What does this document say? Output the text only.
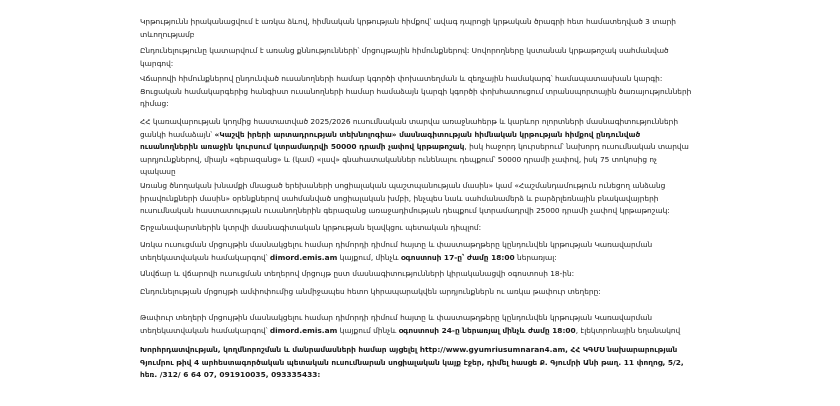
Կրթությունն իրականացվում է առկա ձևով, հիմնական կրթության հիմքով՝ ավագ դպրոցի կրթական ծրագրի հետ համատեղված 3 տարի տևողությամբ

Ընդունելությունը կատարվում է առանց քննությունների՝ մրցույթային հիմունքներով: Սովորողները կստանան կրթաթոշակ սահմանված կարգով:

Վճարովի հիմունքներով ընդունված ուսանողների համար կգործի փոխատեղման և զեղչային համակարգ՝ համապատասխան կարգի: Ցուցական համակարգերից հանգիստ ուսանողների համար համաձայն կարգի կգործի փոխհատուցում տրանսպորտային ծառայությունների դիմաց:

ՀՀ կառավարության կողմից հաստատված 2025/2026 ուսումնական տարվա առաջնահերթ և կարևոր ոլորտների մասնագիտությունների ցանկի համաձայն՝ «Կաշվե իրերի արտադրության տեխնոլոգիա» մասնագիտության հիմնական կրթության հիմքով ընդունված ուսանողներին առաջին կուրսում կտրամադրվի 50000 դրամի չափով կրթաթոշակ, իսկ հաջորդ կուրսերում՝ նախորդ ուսումնական տարվա արդյունքներով, միայն «գերազանց» և (կամ) «լավ» գնահատականներ ունենալու դեպքում՝ 50000 դրամի չափով, իսկ 75 տոկոսից ոչ պակասը

Առանց ծնողական խնամքի մնացած երեխաների սոցիալական պաշտպանության մասին» կամ «Հաշմանդամություն ունեցող անձանց իրավունքների մասին» օրենքներով սահմանված սոցիալական խմբի, ինչպես նաև սահմանամերձ և բարձրլեռնային բնակավայրերի ուսումնական հաստատության ուսանողներին գերազանց առաջադիմության դեպքում կտրամադրվի 25000 դրամի չափով կրթաթոշակ:

Շրջանավարտներին կտրվի մասնագիտական կրթության ելավկցու պետական դիպլոմ:

Առկա ուսուցման մրցույթին մասնակցելու համար դիմորդի դիմում հայտը և փաստաթղթերը կընդունվեն կրթության Կառավարման տեղեկատվական համակարգով՝ dimord.emis.am կայքում, մինչև օգոստոսի 17-ը՝ ժամը 18:00 ներառյալ:

Անվճար և վճարովի ուսուցման տեղերով մրցույթ ըստ մասնագիտությունների կիրականացվի օգոստոսի 18-ին:

Ընդունելության մրցույթի ամփոփումից անմիջապես հետո կհրապարակվեն արդյունքներն ու առկա թափուր տեղերը:

Թափուր տեղերի մրցույթին մասնակցելու համար դիմորդի դիմում հայտը և փաստաթղթերը կընդունվեն կրթության Կառավարման տեղեկատվական համակարգով՝ dimord.emis.am կայքում մինչև օգոստոսի 24-ը ներառյալ մինչև ժամը 18:00, էլեկտրոնային եղանակով

Խորհրդատվության, կողմնորոշման և մանրամասների համար այցելել http://www.gyumriusumnaran4.am, ՀՀ ԿԳՄՍ նախարարության Գյումրու թիվ 4 արհեստագործական պետական ուսումնարան սոցիալական կայք էջեր, դիմել հասցե Ք. Գյումրի Անի թաղ. 11 փողոց, 5/2, հեռ. /312/ 6 64 07, 091910035, 093335433:
